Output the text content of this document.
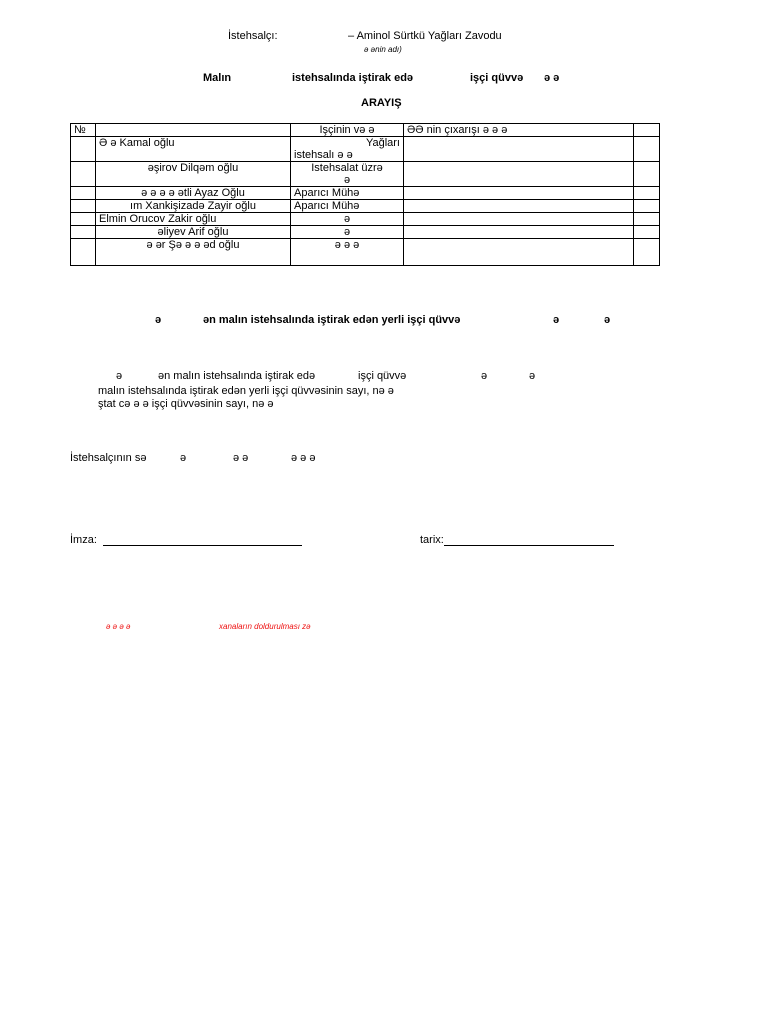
İstehsalçı:	– Aminol Sürtkü Yağları Zavodu
ə ənin adı)
Malın	istehsalında iştirak edə	işçi qüvvə ə ə
ARAYIŞ
№		Işçinin və ə	ƏƏ nin çıxarışı ə ə ə	
	Ə ə Kamal oğlu	Yağları
istehsalı ə ə		

	əşirov Dilqəm oğlu	Istehsalat üzrə
ə		

	ə ə ə ə ətli Ayaz Oğlu	Aparıcı Mühə		
	ım Xankişizadə Zayir oğlu	Aparıcı Mühə		
	Elmin Orucov Zakir oğlu	ə		
	əliyev Arif oğlu	ə		
	ə ər Şə ə ə əd oğlu	ə ə ə		
ə	ən malın istehsalında iştirak edən yerli işçi qüvvə	ə	ə
ə	ən malın istehsalında iştirak edə	işçi qüvvə	ə	ə
malın istehsalında iştirak edən yerli işçi qüvvəsinin sayı, nə ə
ştat cə ə ə işçi qüvvəsinin sayı, nə ə
İstehsalçının sə	ə	ə ə	ə ə ə
İmza:	tarix:
ə ə ə ə	xanaların doldurulması zə
